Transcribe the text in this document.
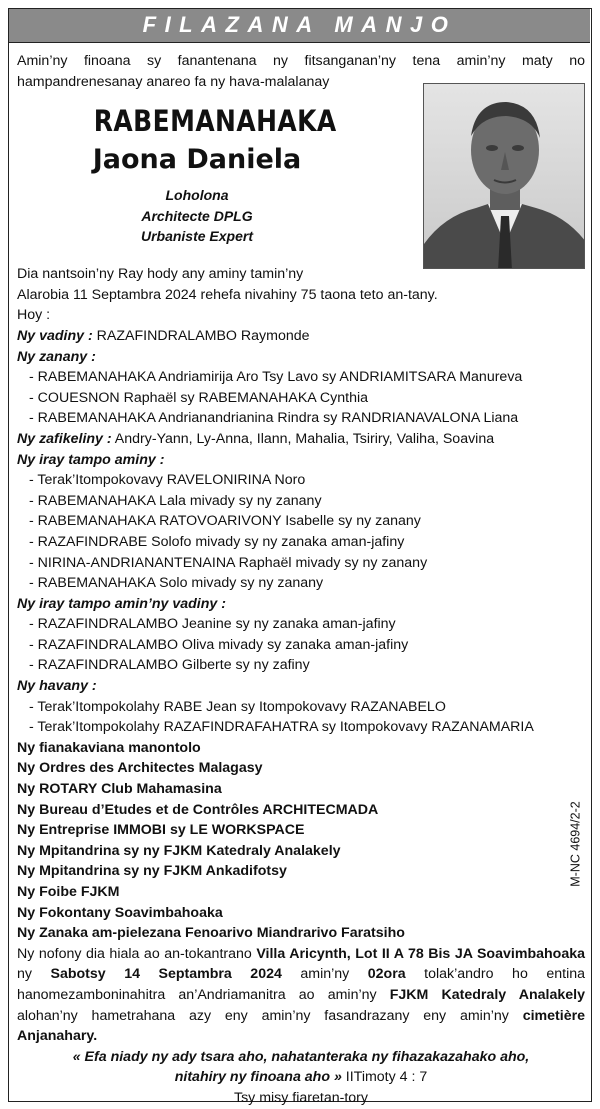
FILAZANA MANJO
Amin’ny finoana sy fanantenana ny fitsanganan’ny tena amin’ny maty no hampandrenesanay anareo fa ny hava-malalanay
RABEMANAHAKA
Jaona Daniela
Loholona
Architecte DPLG
Urbaniste Expert
Dia nantsoin’ny Ray hody any aminy tamin’ny
Alarobia 11 Septambra 2024 rehefa nivahiny 75 taona teto an-tany.
Hoy :
Ny vadiny : RAZAFINDRALAMBO Raymonde
Ny zanany :
- RABEMANAHAKA Andriamirija Aro Tsy Lavo sy ANDRIAMITSARA Manureva
- COUESNON Raphaël sy RABEMANAHAKA Cynthia
- RABEMANAHAKA Andrianandrianina Rindra sy RANDRIANAVALONA Liana
Ny zafikeliny : Andry-Yann, Ly-Anna, Ilann, Mahalia, Tsiriry, Valiha, Soavina
Ny iray tampo aminy :
- Terak’Itompokovavy RAVELONIRINA Noro
- RABEMANAHAKA Lala mivady sy ny zanany
- RABEMANAHAKA RATOVOARIVONY Isabelle sy ny zanany
- RAZAFINDRABE Solofo mivady sy ny zanaka aman-jafiny
- NIRINA-ANDRIANANTENAINA Raphaël mivady sy ny zanany
- RABEMANAHAKA Solo mivady sy ny zanany
Ny iray tampo amin’ny vadiny :
- RAZAFINDRALAMBO Jeanine sy ny zanaka aman-jafiny
- RAZAFINDRALAMBO Oliva mivady sy zanaka aman-jafiny
- RAZAFINDRALAMBO Gilberte sy ny zafiny
Ny havany :
- Terak’Itompokolahy RABE Jean sy Itompokovavy RAZANABELO
- Terak’Itompokolahy RAZAFINDRAFAHATRA sy Itompokovavy RAZANAMARIA
Ny fianakaviana manontolo
Ny Ordres des Architectes Malagasy
Ny ROTARY Club Mahamasina
Ny Bureau d’Etudes et de Contrôles ARCHITECMADA
Ny Entreprise IMMOBI sy LE WORKSPACE
Ny Mpitandrina sy ny FJKM Katedraly Analakely
Ny Mpitandrina sy ny FJKM Ankadifotsy
Ny Foibe FJKM
Ny Fokontany Soavimbahoaka
Ny Zanaka am-pielezana Fenoarivo Miandrarivo Faratsiho
Ny nofony dia hiala ao an-tokantrano Villa Aricynth, Lot II A 78 Bis JA Soavimbahoaka ny Sabotsy 14 Septambra 2024 amin’ny 02ora tolak’andro ho entina hanomezamboninahitra an’Andriamanitra ao amin’ny FJKM Katedraly Analakely alohan’ny hametrahana azy eny amin’ny fasandrazany eny amin’ny cimetière Anjanahary.
« Efa niady ny ady tsara aho, nahatanteraka ny fihazakazahako aho,
nitahiry ny finoana aho » IITimoty 4 : 7
Tsy misy fiaretan-tory
M-NC 4694/2-2
